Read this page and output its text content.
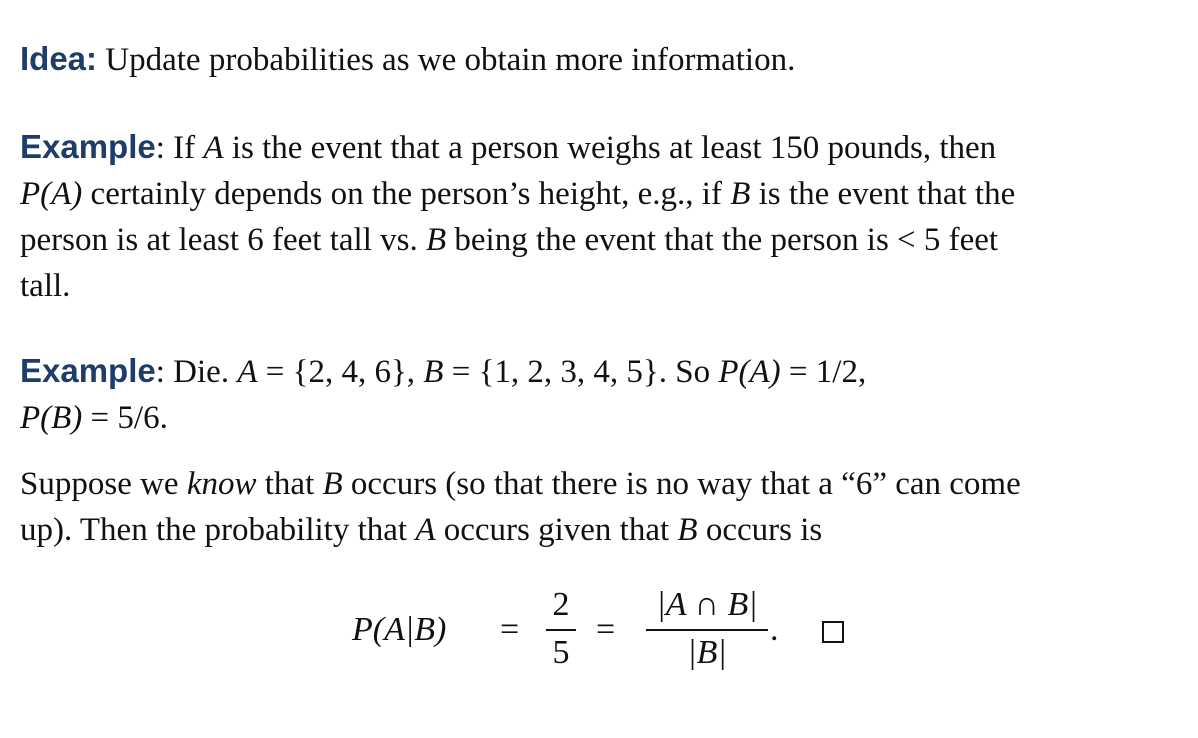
Idea: Update probabilities as we obtain more information.
Example: If A is the event that a person weighs at least 150 pounds, then
P(A) certainly depends on the person’s height, e.g., if B is the event that the
person is at least 6 feet tall vs. B being the event that the person is < 5 feet
tall.
Example: Die. A = {2, 4, 6}, B = {1, 2, 3, 4, 5}. So P(A) = 1/2,
P(B) = 5/6.
Suppose we know that B occurs (so that there is no way that a “6” can come
up). Then the probability that A occurs given that B occurs is
P(A|B) =
2
5
=
|A ∩ B|
|B|
.
